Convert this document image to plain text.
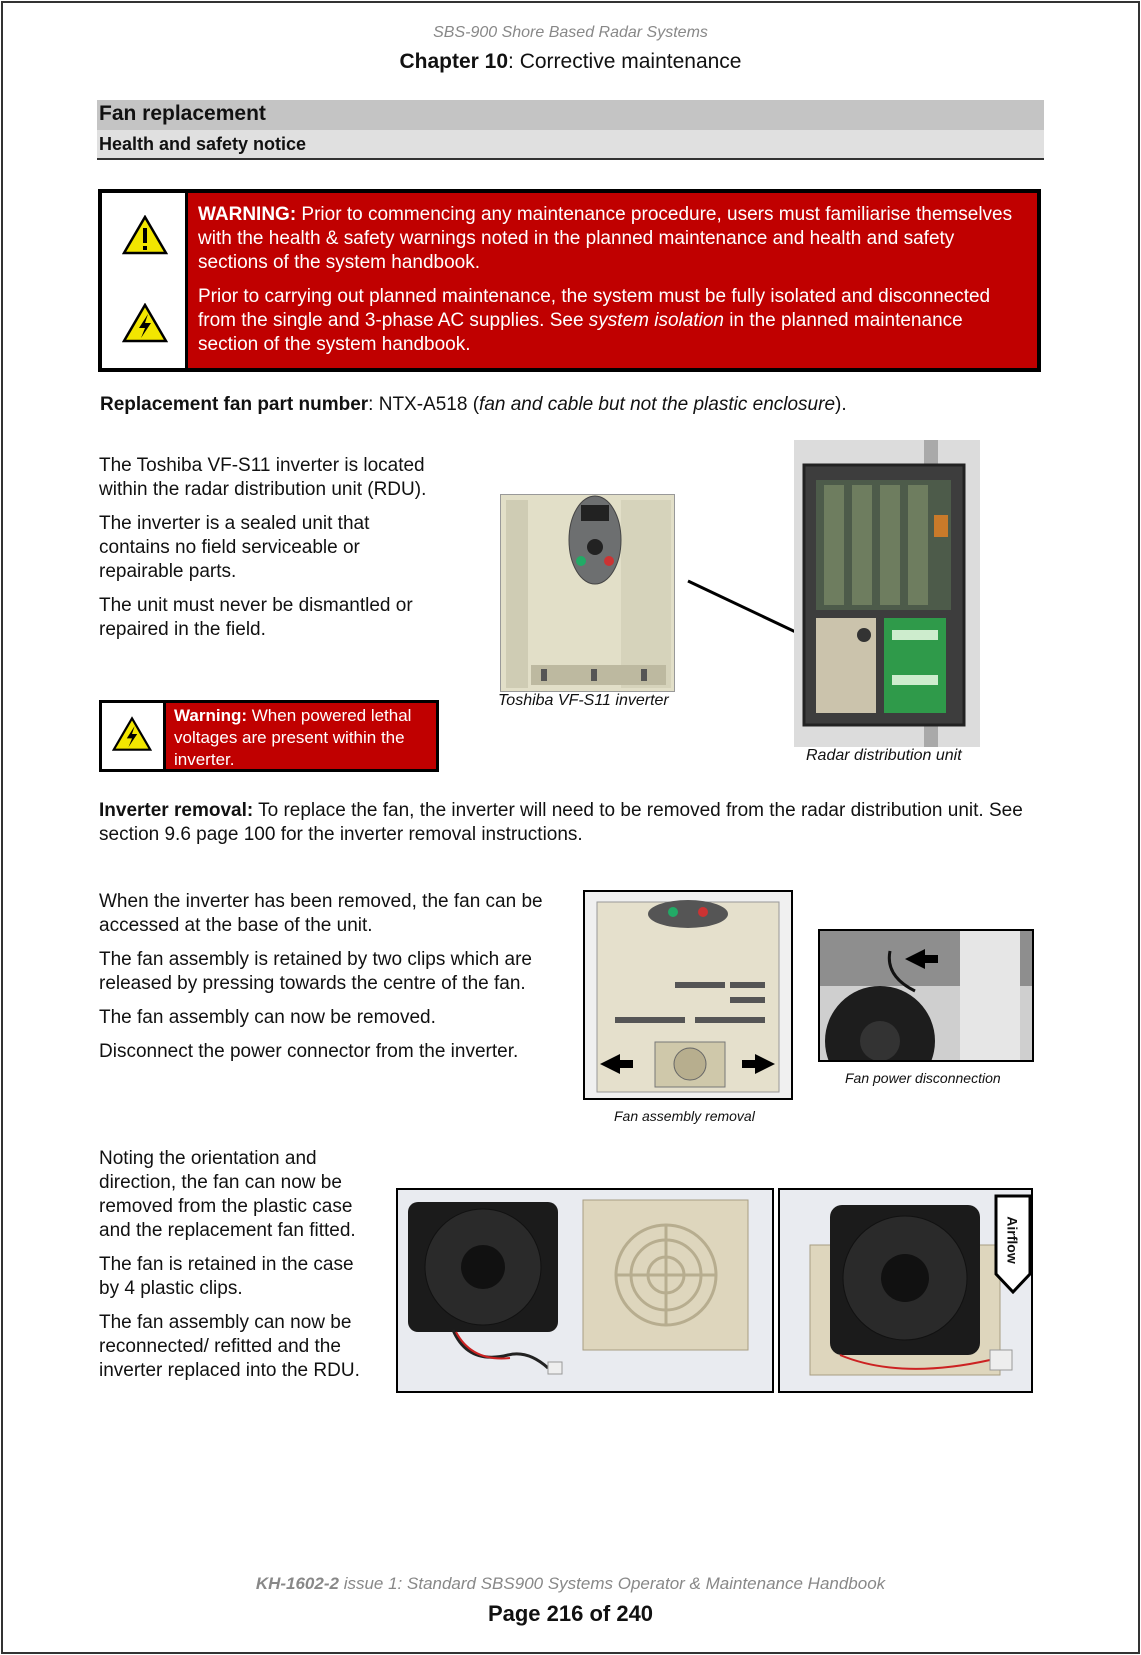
SBS-900 Shore Based Radar Systems
Chapter 10: Corrective maintenance
Fan replacement
Health and safety notice

WARNING: Prior to commencing any maintenance procedure, users must familiarise themselves with the health & safety warnings noted in the planned maintenance and health and safety sections of the system handbook.

Prior to carrying out planned maintenance, the system must be fully isolated and disconnected from the single and 3-phase AC supplies. See system isolation in the planned maintenance section of the system handbook.

Replacement fan part number: NTX-A518 (fan and cable but not the plastic enclosure).

The Toshiba VF-S11 inverter is located within the radar distribution unit (RDU).

The inverter is a sealed unit that contains no field serviceable or repairable parts.

The unit must never be dismantled or repaired in the field.

Warning: When powered lethal voltages are present within the inverter.
Toshiba VF-S11 inverter
Radar distribution unit
Inverter removal: To replace the fan, the inverter will need to be removed from the radar distribution unit. See section 9.6 page 100 for the inverter removal instructions.

When the inverter has been removed, the fan can be accessed at the base of the unit.

The fan assembly is retained by two clips which are released by pressing towards the centre of the fan.

The fan assembly can now be removed.

Disconnect the power connector from the inverter.

Fan assembly removal
Fan power disconnection

Noting the orientation and direction, the fan can now be removed from the plastic case and the replacement fan fitted.

The fan is retained in the case by 4 plastic clips.

The fan assembly can now be reconnected/ refitted and the inverter replaced into the RDU.

Airflow
KH-1602-2 issue 1: Standard SBS900 Systems Operator & Maintenance Handbook
Page 216 of 240
